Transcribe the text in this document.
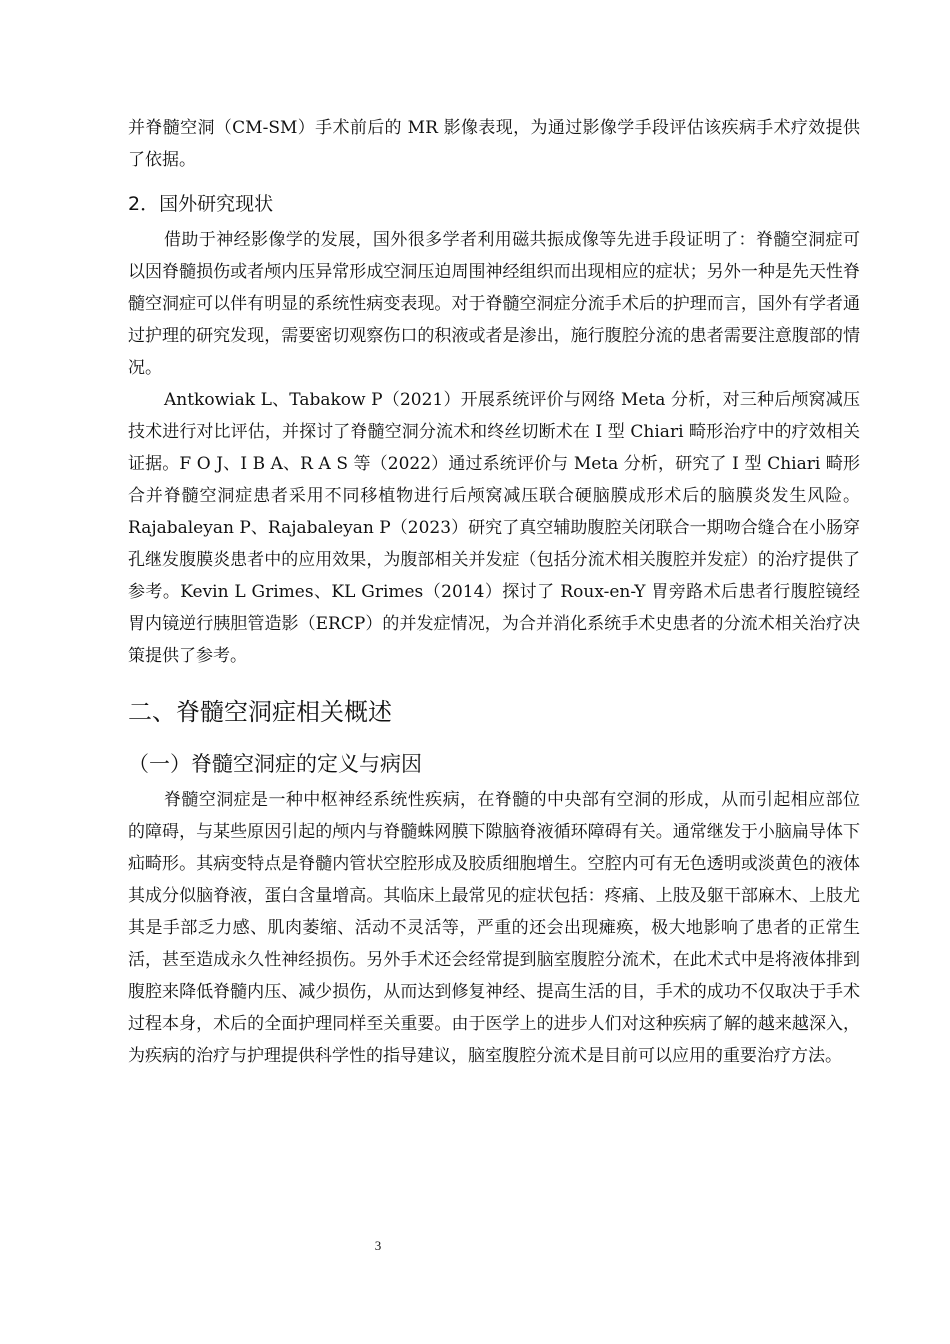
并脊髓空洞（CM-SM）手术前后的 MR 影像表现，为通过影像学手段评估该疾病手术疗效提供了依据。

2．国外研究现状

借助于神经影像学的发展，国外很多学者利用磁共振成像等先进手段证明了：脊髓空洞症可以因脊髓损伤或者颅内压异常形成空洞压迫周围神经组织而出现相应的症状；另外一种是先天性脊髓空洞症可以伴有明显的系统性病变表现。对于脊髓空洞症分流手术后的护理而言，国外有学者通过护理的研究发现，需要密切观察伤口的积液或者是渗出，施行腹腔分流的患者需要注意腹部的情况。

Antkowiak L、Tabakow P（2021）开展系统评价与网络 Meta 分析，对三种后颅窝减压技术进行对比评估，并探讨了脊髓空洞分流术和终丝切断术在 Ⅰ 型 Chiari 畸形治疗中的疗效相关证据。F O J、I B A、R A S 等（2022）通过系统评价与 Meta 分析，研究了 Ⅰ 型 Chiari 畸形合并脊髓空洞症患者采用不同移植物进行后颅窝减压联合硬脑膜成形术后的脑膜炎发生风险。Rajabaleyan P、Rajabaleyan P（2023）研究了真空辅助腹腔关闭联合一期吻合缝合在小肠穿孔继发腹膜炎患者中的应用效果，为腹部相关并发症（包括分流术相关腹腔并发症）的治疗提供了参考。Kevin L Grimes、KL Grimes（2014）探讨了 Roux-en-Y 胃旁路术后患者行腹腔镜经胃内镜逆行胰胆管造影（ERCP）的并发症情况，为合并消化系统手术史患者的分流术相关治疗决策提供了参考。

二、脊髓空洞症相关概述
（一）脊髓空洞症的定义与病因

脊髓空洞症是一种中枢神经系统性疾病，在脊髓的中央部有空洞的形成，从而引起相应部位的障碍，与某些原因引起的颅内与脊髓蛛网膜下隙脑脊液循环障碍有关。通常继发于小脑扁导体下疝畸形。其病变特点是脊髓内管状空腔形成及胶质细胞增生。空腔内可有无色透明或淡黄色的液体其成分似脑脊液，蛋白含量增高。其临床上最常见的症状包括：疼痛、上肢及躯干部麻木、上肢尤其是手部乏力感、肌肉萎缩、活动不灵活等，严重的还会出现瘫痪，极大地影响了患者的正常生活，甚至造成永久性神经损伤。另外手术还会经常提到脑室腹腔分流术，在此术式中是将液体排到腹腔来降低脊髓内压、减少损伤，从而达到修复神经、提高生活的目，手术的成功不仅取决于手术过程本身，术后的全面护理同样至关重要。由于医学上的进步人们对这种疾病了解的越来越深入，为疾病的治疗与护理提供科学性的指导建议，脑室腹腔分流术是目前可以应用的重要治疗方法。

3
